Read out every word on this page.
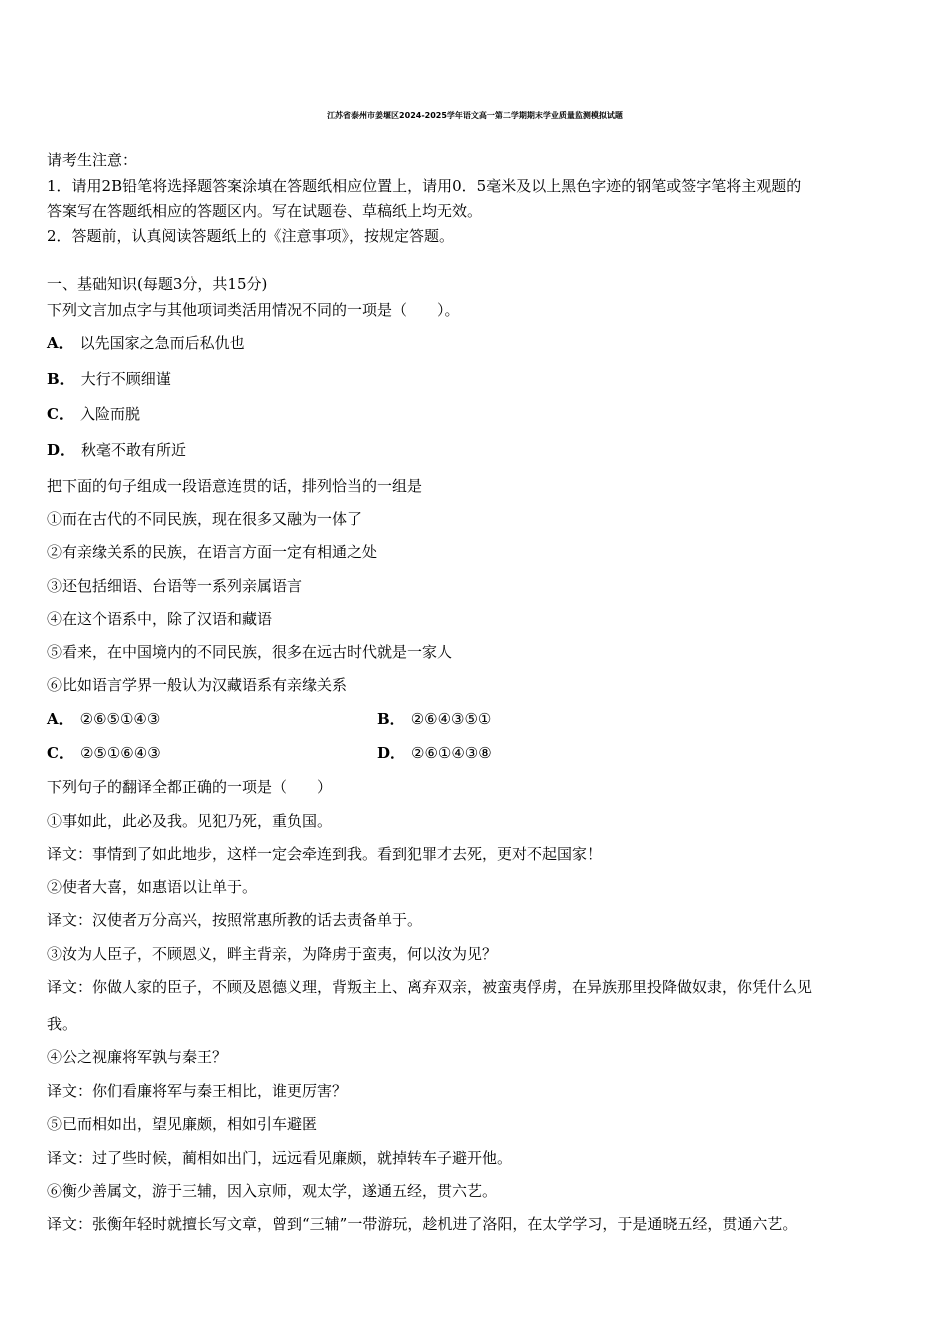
江苏省泰州市姜堰区2024-2025学年语文高一第二学期期末学业质量监测模拟试题
请考生注意：
1．请用2B铅笔将选择题答案涂填在答题纸相应位置上，请用0．5毫米及以上黑色字迹的钢笔或签字笔将主观题的
答案写在答题纸相应的答题区内。写在试题卷、草稿纸上均无效。
2．答题前，认真阅读答题纸上的《注意事项》，按规定答题。
一、基础知识(每题3分，共15分)
下列文言加点字与其他项词类活用情况不同的一项是（　　）。
A． 以先国家之急而后私仇也
B． 大行不顾细谨
C． 入险而脱
D． 秋毫不敢有所近
把下面的句子组成一段语意连贯的话，排列恰当的一组是
①而在古代的不同民族，现在很多又融为一体了
②有亲缘关系的民族，在语言方面一定有相通之处
③还包括细语、台语等一系列亲属语言
④在这个语系中，除了汉语和藏语
⑤看来，在中国境内的不同民族，很多在远古时代就是一家人
⑥比如语言学界一般认为汉藏语系有亲缘关系
A． ②⑥⑤①④③	B． ②⑥④③⑤①
C． ②⑤①⑥④③	D． ②⑥①④③⑧
下列句子的翻译全都正确的一项是（　　）
①事如此，此必及我。见犯乃死，重负国。
译文：事情到了如此地步，这样一定会牵连到我。看到犯罪才去死，更对不起国家！
②使者大喜，如惠语以让单于。
译文：汉使者万分高兴，按照常惠所教的话去责备单于。
③汝为人臣子，不顾恩义，畔主背亲，为降虏于蛮夷，何以汝为见？
译文：你做人家的臣子，不顾及恩德义理，背叛主上、离弃双亲，被蛮夷俘虏，在异族那里投降做奴隶，你凭什么见
我。
④公之视廉将军孰与秦王？
译文：你们看廉将军与秦王相比，谁更厉害？
⑤已而相如出，望见廉颇，相如引车避匿
译文：过了些时候，蔺相如出门，远远看见廉颇，就掉转车子避开他。
⑥衡少善属文，游于三辅，因入京师，观太学，遂通五经，贯六艺。
译文：张衡年轻时就擅长写文章，曾到“三辅”一带游玩，趁机进了洛阳，在太学学习，于是通晓五经，贯通六艺。
